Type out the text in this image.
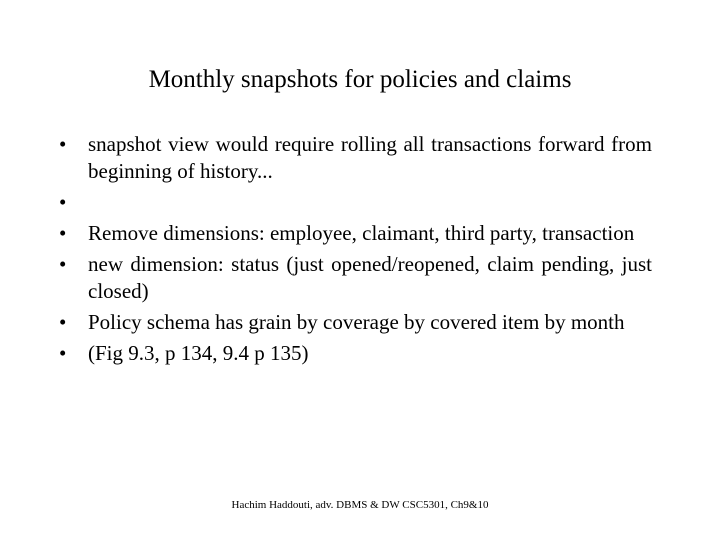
Monthly snapshots for policies and claims
•	snapshot view would require rolling all transactions forward from beginning of history...
•

•	Remove dimensions: employee, claimant, third party, transaction
•	new dimension: status (just opened/reopened, claim pending, just closed)
•	Policy schema has grain by coverage by covered item by month
•	(Fig 9.3, p 134, 9.4 p 135)
Hachim Haddouti, adv. DBMS & DW CSC5301, Ch9&10
